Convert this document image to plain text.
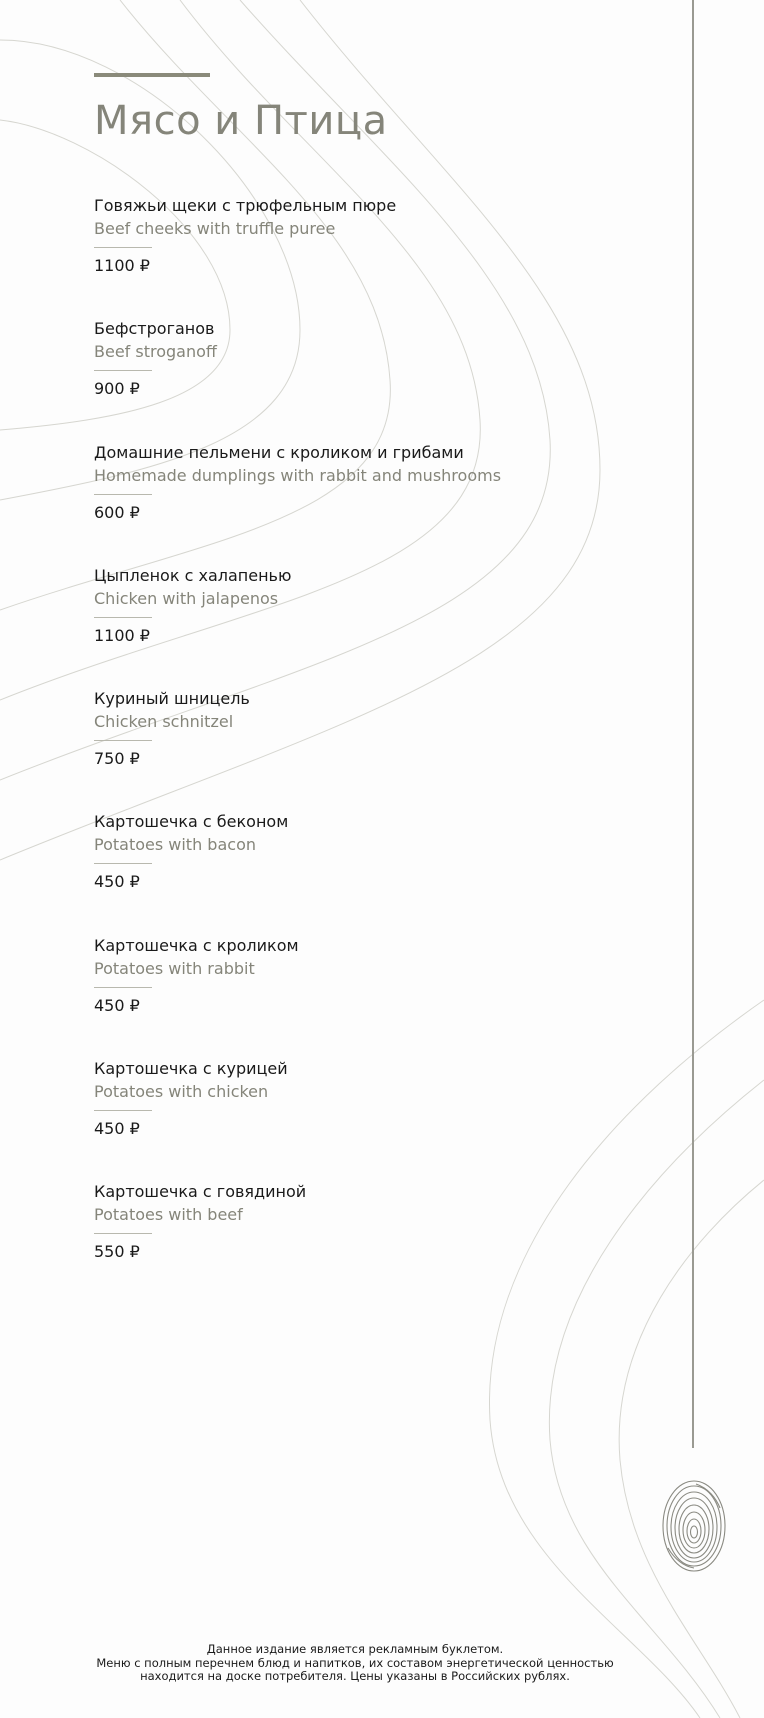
Мясо и Птица
Говяжьи щеки с трюфельным пюре
Beef cheeks with truffle puree
1100 ₽
Бефстроганов
Beef stroganoff
900 ₽
Домашние пельмени с кроликом и грибами
Homemade dumplings with rabbit and mushrooms
600 ₽
Цыпленок с халапенью
Chicken with jalapenos
1100 ₽
Куриный шницель
Chicken schnitzel
750 ₽
Картошечка с беконом
Potatoes with bacon
450 ₽
Картошечка с кроликом
Potatoes with rabbit
450 ₽
Картошечка с курицей
Potatoes with chicken
450 ₽
Картошечка с говядиной
Potatoes with beef
550 ₽
Данное издание является рекламным буклетом.
Меню с полным перечнем блюд и напитков, их составом энергетической ценностью
находится на доске потребителя. Цены указаны в Российских рублях.
